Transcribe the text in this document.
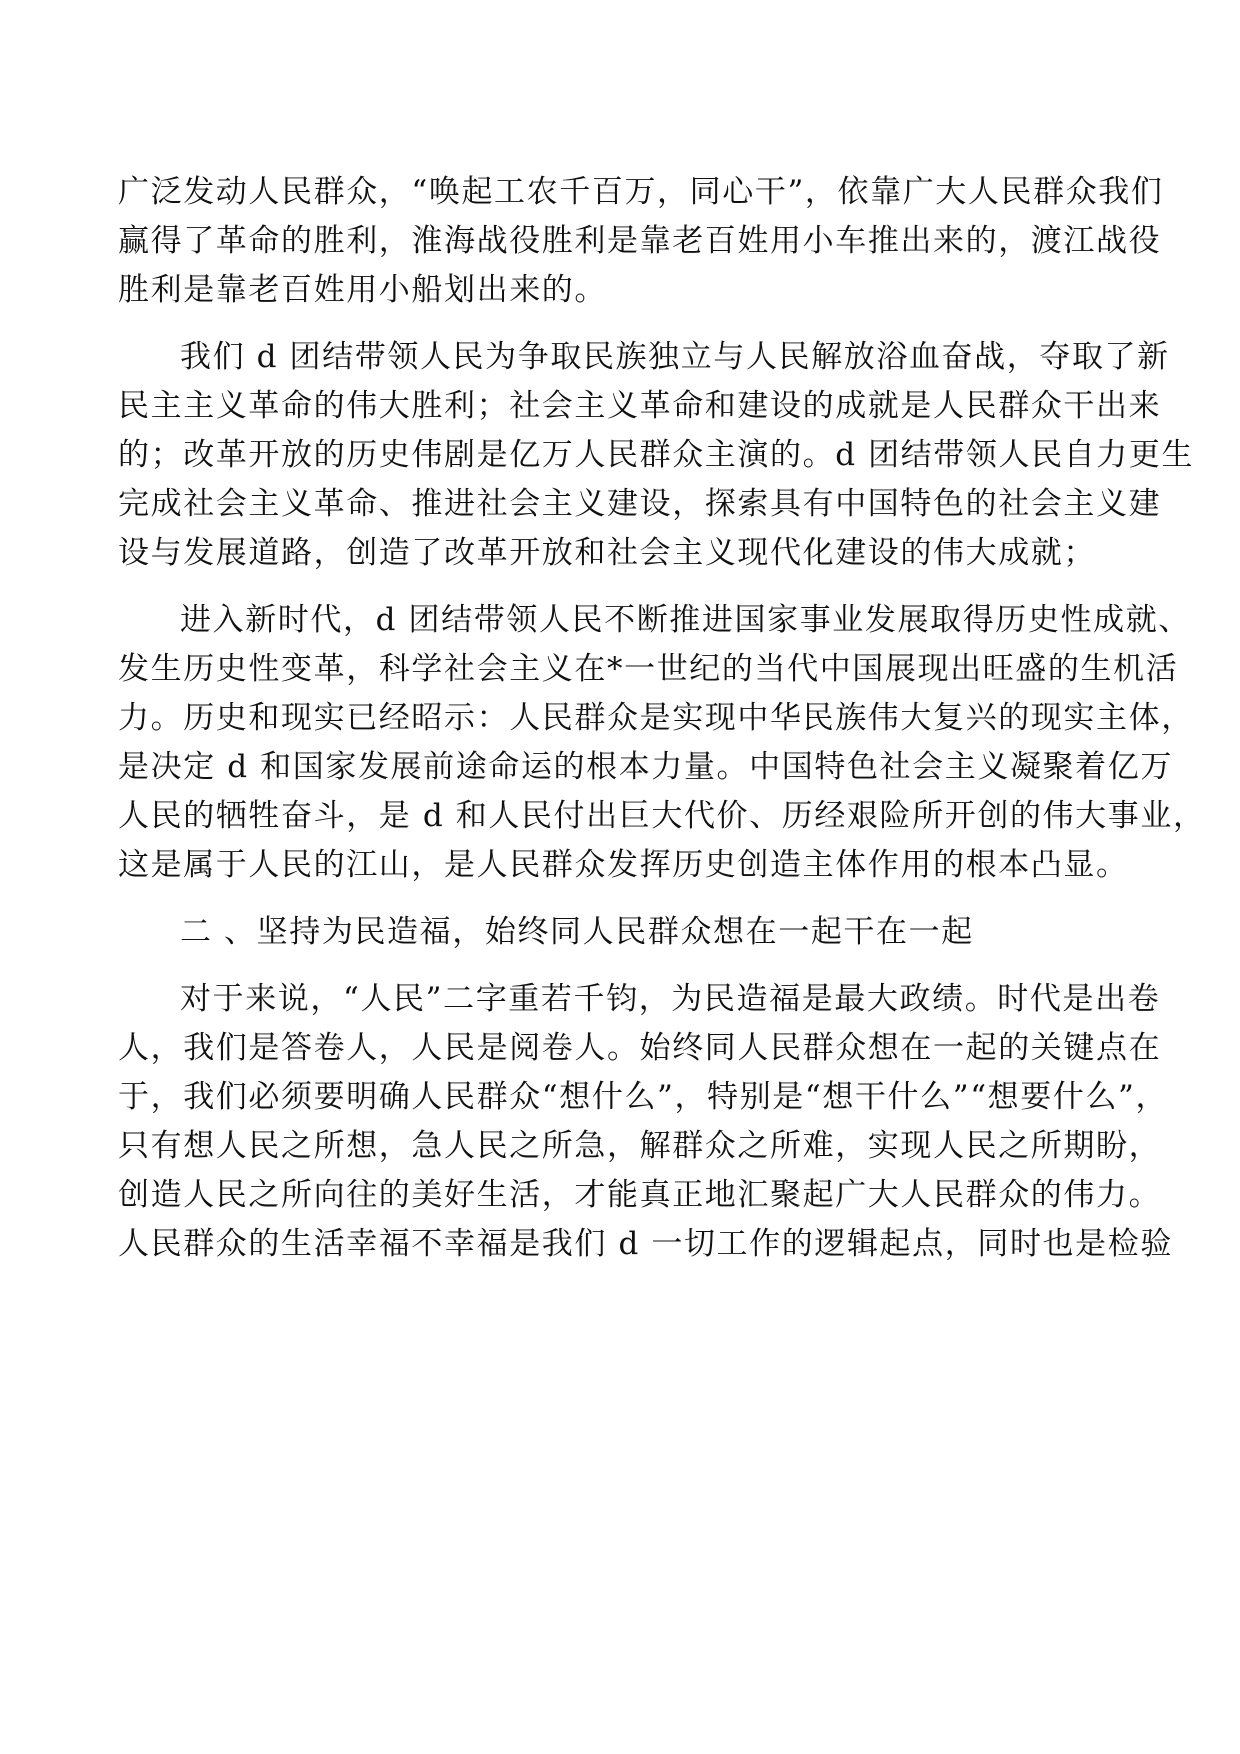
广泛发动人民群众，“唤起工农千百万，同心干”，依靠广大人民群众我们
赢得了革命的胜利，淮海战役胜利是靠老百姓用小车推出来的，渡江战役
胜利是靠老百姓用小船划出来的。

我们 d 团结带领人民为争取民族独立与人民解放浴血奋战，夺取了新
民主主义革命的伟大胜利；社会主义革命和建设的成就是人民群众干出来
的；改革开放的历史伟剧是亿万人民群众主演的。d 团结带领人民自力更生
完成社会主义革命、推进社会主义建设，探索具有中国特色的社会主义建
设与发展道路，创造了改革开放和社会主义现代化建设的伟大成就；

进入新时代，d 团结带领人民不断推进国家事业发展取得历史性成就、
发生历史性变革，科学社会主义在*一世纪的当代中国展现出旺盛的生机活
力。历史和现实已经昭示：人民群众是实现中华民族伟大复兴的现实主体，
是决定 d 和国家发展前途命运的根本力量。中国特色社会主义凝聚着亿万
人民的牺牲奋斗，是 d 和人民付出巨大代价、历经艰险所开创的伟大事业，
这是属于人民的江山，是人民群众发挥历史创造主体作用的根本凸显。

二 、坚持为民造福，始终同人民群众想在一起干在一起

对于来说，“人民”二字重若千钧，为民造福是最大政绩。时代是出卷
人，我们是答卷人，人民是阅卷人。始终同人民群众想在一起的关键点在
于，我们必须要明确人民群众“想什么”，特别是“想干什么”“想要什么”，
只有想人民之所想，急人民之所急，解群众之所难，实现人民之所期盼，
创造人民之所向往的美好生活，才能真正地汇聚起广大人民群众的伟力。
人民群众的生活幸福不幸福是我们 d 一切工作的逻辑起点，同时也是检验
